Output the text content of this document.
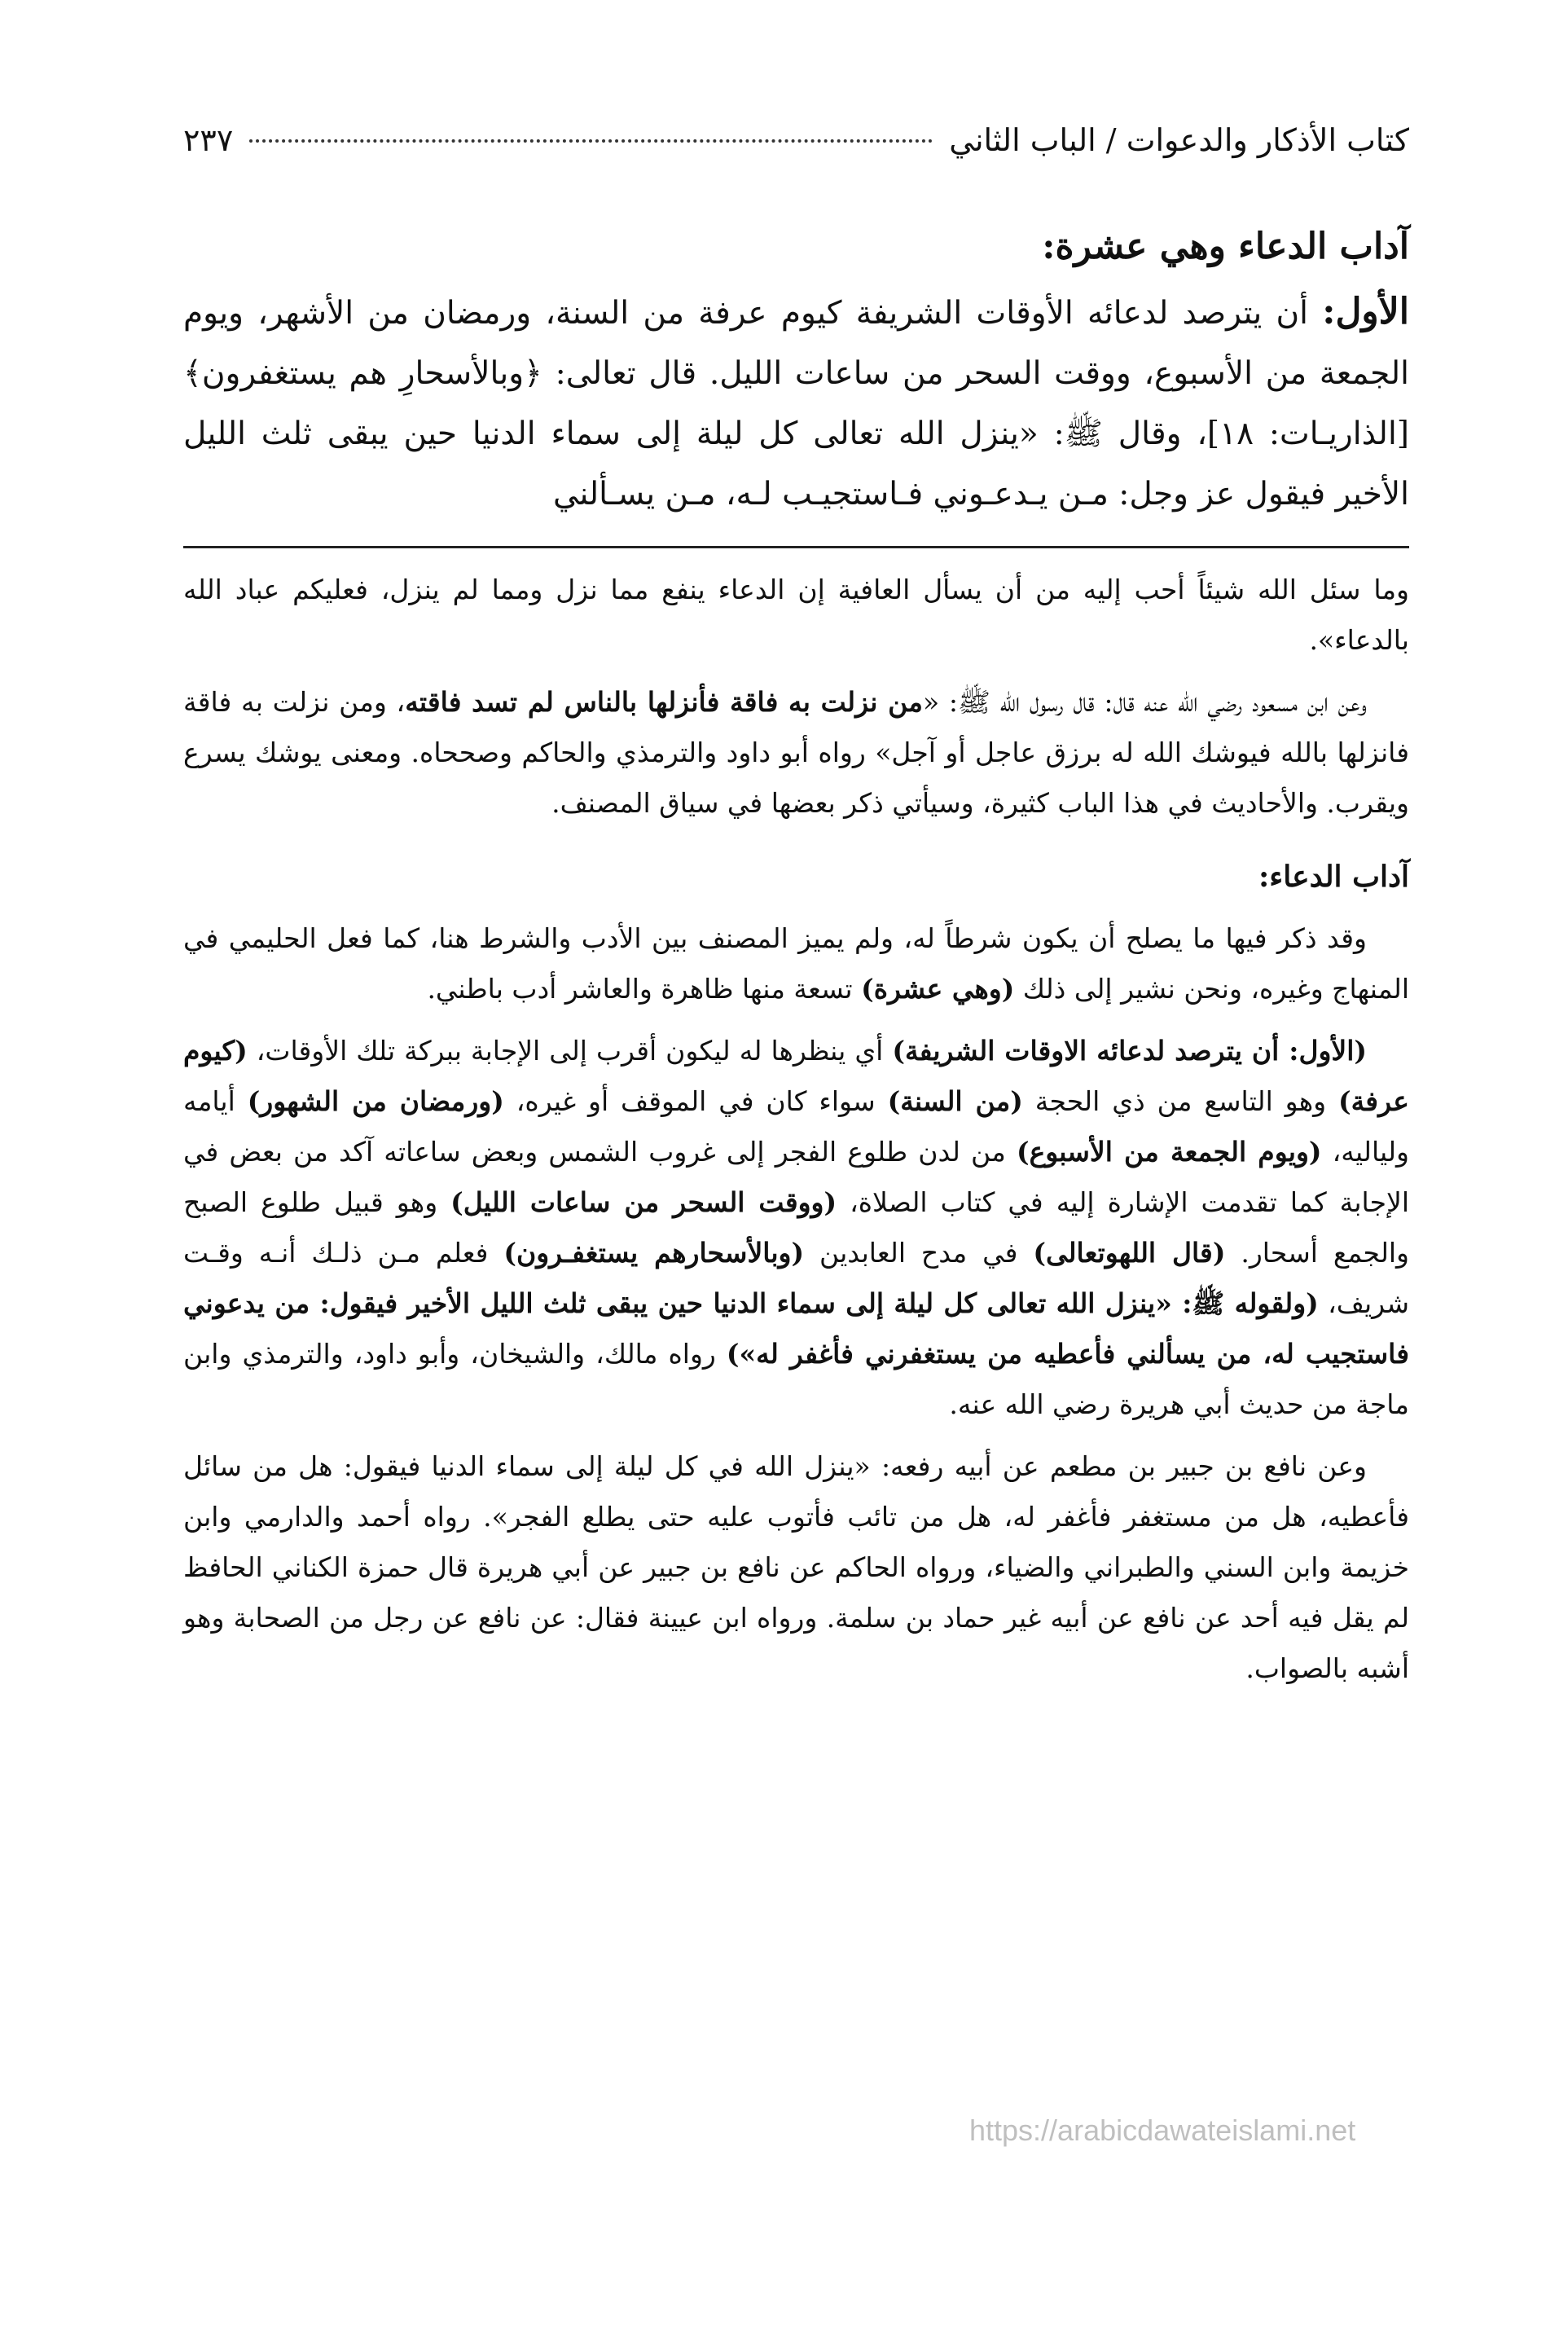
كتاب الأذكار والدعوات / الباب الثاني
٢٣٧
آداب الدعاء وهي عشرة:
الأول: أن يترصد لدعائه الأوقات الشريفة كيوم عرفة من السنة، ورمضان من الأشهر، ويوم الجمعة من الأسبوع، ووقت السحر من ساعات الليل. قال تعالى: ﴿وبالأسحارِ هم يستغفرون﴾ [الذاريـات: ١٨]، وقال ﷺ: «ينزل الله تعالى كل ليلة إلى سماء الدنيا حين يبقى ثلث الليل الأخير فيقول عز وجل: مـن يـدعـوني فـاستجيـب لـه، مـن يسـألني

وما سئل الله شيئاً أحب إليه من أن يسأل العافية إن الدعاء ينفع مما نزل ومما لم ينزل، فعليكم عباد الله بالدعاء».

وعن ابن مسعود رضي الله عنه قال: قال رسول الله ﷺ: «من نزلت به فاقة فأنزلها بالناس لم تسد فاقته، ومن نزلت به فاقة فانزلها بالله فيوشك الله له برزق عاجل أو آجل» رواه أبو داود والترمذي والحاكم وصححاه. ومعنى يوشك يسرع ويقرب. والأحاديث في هذا الباب كثيرة، وسيأتي ذكر بعضها في سياق المصنف.

آداب الدعاء:

وقد ذكر فيها ما يصلح أن يكون شرطاً له، ولم يميز المصنف بين الأدب والشرط هنا، كما فعل الحليمي في المنهاج وغيره، ونحن نشير إلى ذلك (وهي عشرة) تسعة منها ظاهرة والعاشر أدب باطني.

(الأول: أن يترصد لدعائه الاوقات الشريفة) أي ينظرها له ليكون أقرب إلى الإجابة ببركة تلك الأوقات، (كيوم عرفة) وهو التاسع من ذي الحجة (من السنة) سواء كان في الموقف أو غيره، (ورمضان من الشهور) أيامه ولياليه، (ويوم الجمعة من الأسبوع) من لدن طلوع الفجر إلى غروب الشمس وبعض ساعاته آكد من بعض في الإجابة كما تقدمت الإشارة إليه في كتاب الصلاة، (ووقت السحر من ساعات الليل) وهو قبيل طلوع الصبح والجمع أسحار. (قال اللهوتعالى) في مدح العابدين (وبالأسحارهم يستغفـرون) فعلم مـن ذلـك أنـه وقـت شريف، (ولقوله ﷺ: «ينزل الله تعالى كل ليلة إلى سماء الدنيا حين يبقى ثلث الليل الأخير فيقول: من يدعوني فاستجيب له، من يسألني فأعطيه من يستغفرني فأغفر له») رواه مالك، والشيخان، وأبو داود، والترمذي وابن ماجة من حديث أبي هريرة رضي الله عنه.

وعن نافع بن جبير بن مطعم عن أبيه رفعه: «ينزل الله في كل ليلة إلى سماء الدنيا فيقول: هل من سائل فأعطيه، هل من مستغفر فأغفر له، هل من تائب فأتوب عليه حتى يطلع الفجر». رواه أحمد والدارمي وابن خزيمة وابن السني والطبراني والضياء، ورواه الحاكم عن نافع بن جبير عن أبي هريرة قال حمزة الكناني الحافظ لم يقل فيه أحد عن نافع عن أبيه غير حماد بن سلمة. ورواه ابن عيينة فقال: عن نافع عن رجل من الصحابة وهو أشبه بالصواب.

https://arabicdawateislami.net
